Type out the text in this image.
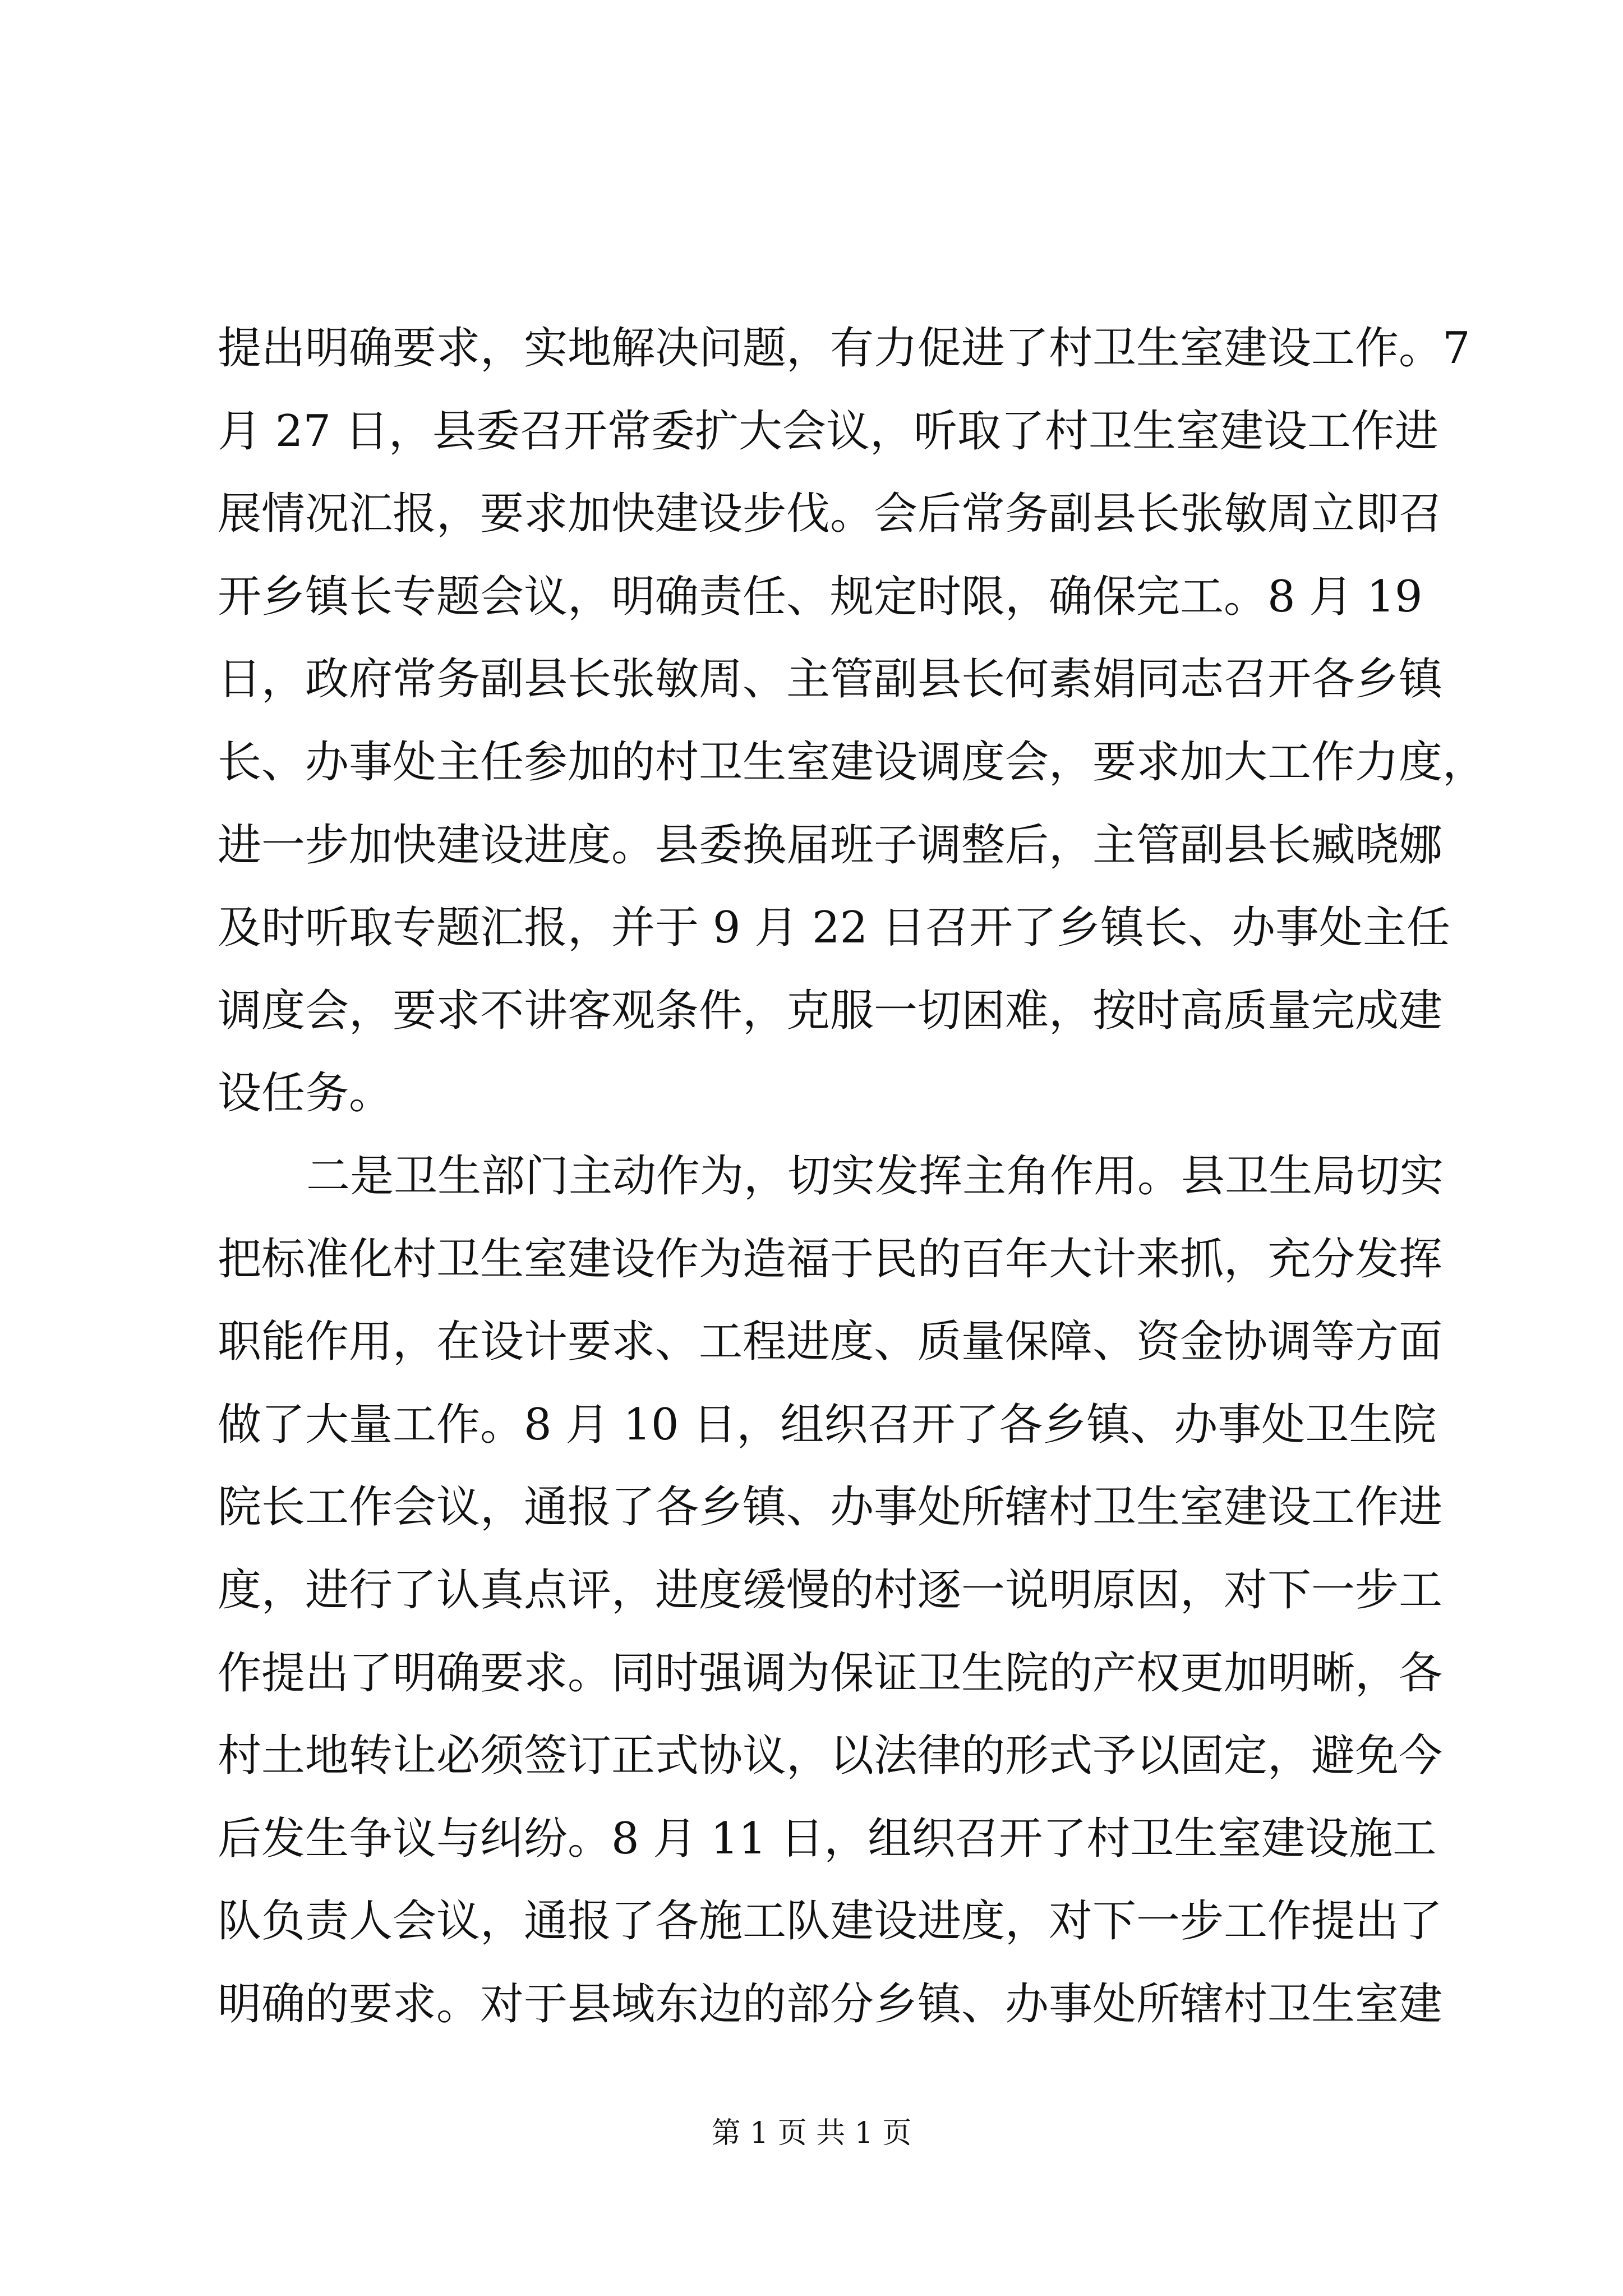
提出明确要求，实地解决问题，有力促进了村卫生室建设工作。7
月 27 日，县委召开常委扩大会议，听取了村卫生室建设工作进
展情况汇报，要求加快建设步伐。会后常务副县长张敏周立即召
开乡镇长专题会议，明确责任、规定时限，确保完工。8 月 19
日，政府常务副县长张敏周、主管副县长何素娟同志召开各乡镇
长、办事处主任参加的村卫生室建设调度会，要求加大工作力度，
进一步加快建设进度。县委换届班子调整后，主管副县长臧晓娜
及时听取专题汇报，并于 9 月 22 日召开了乡镇长、办事处主任
调度会，要求不讲客观条件，克服一切困难，按时高质量完成建
设任务。
二是卫生部门主动作为，切实发挥主角作用。县卫生局切实
把标准化村卫生室建设作为造福于民的百年大计来抓，充分发挥
职能作用，在设计要求、工程进度、质量保障、资金协调等方面
做了大量工作。8 月 10 日，组织召开了各乡镇、办事处卫生院
院长工作会议，通报了各乡镇、办事处所辖村卫生室建设工作进
度，进行了认真点评，进度缓慢的村逐一说明原因，对下一步工
作提出了明确要求。同时强调为保证卫生院的产权更加明晰，各
村土地转让必须签订正式协议，以法律的形式予以固定，避免今
后发生争议与纠纷。8 月 11 日，组织召开了村卫生室建设施工
队负责人会议，通报了各施工队建设进度，对下一步工作提出了
明确的要求。对于县域东边的部分乡镇、办事处所辖村卫生室建
第 1 页 共 1 页
